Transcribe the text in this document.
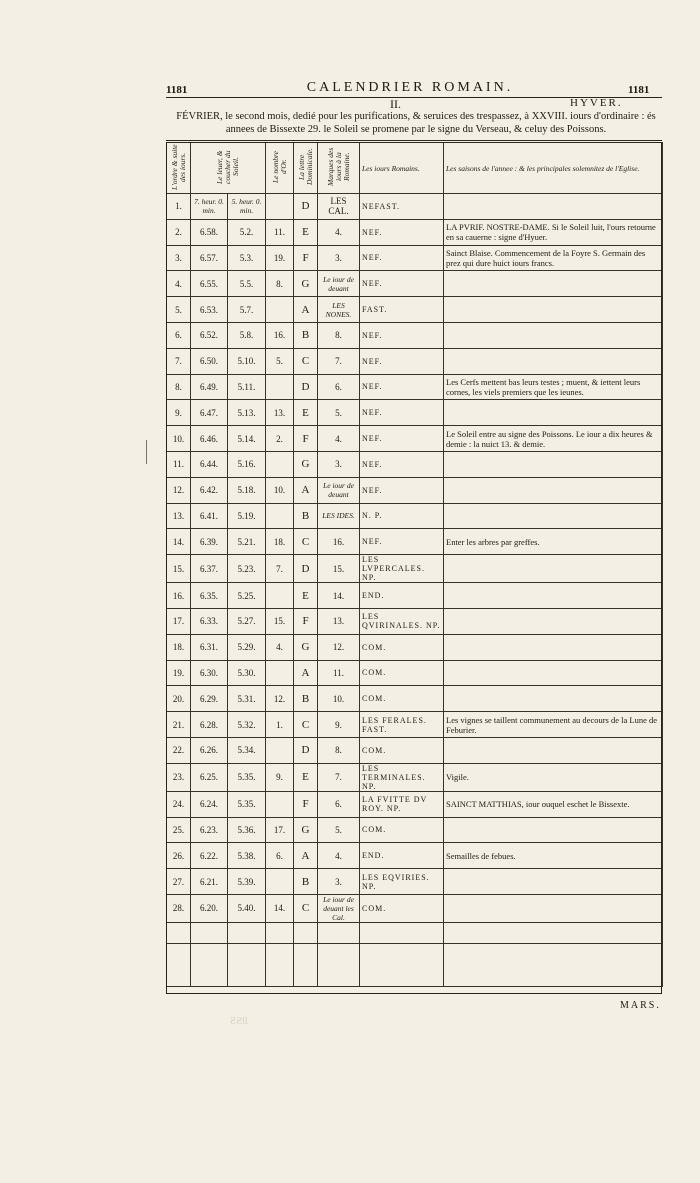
1181	CALENDRIER ROMAIN.	1181
II.	HYVER.
FÉVRIER, le second mois, dedié pour les purifications, & seruices des trespassez, à XXVIII. iours d'ordinaire : és annees de Bissexte 29. le Soleil se promene par le signe du Verseau, & celuy des Poissons.
L'ordre & suite des iours.	Le leuer, & coucher du Soleil.		Le nombre d'Or.	La lettre Dominicale.	Marques des iours à la Romaine.	Les iours Romains.	Les saisons de l'annee : & les principales solemnitez de l'Eglise.
1.	7. heur. 0. min.	5. heur. 0. min.		D	LES CAL.	NEFAST.	
2.	6.58.	5.2.	11.	E	4.	NEF.	LA PVRIF. NOSTRE-DAME. Si le Soleil luit, l'ours retourne en sa cauerne : signe d'Hyuer.
3.	6.57.	5.3.	19.	F	3.	NEF.	Sainct Blaise. Commencement de la Foyre S. Germain des prez qui dure huict iours francs.
4.	6.55.	5.5.	8.	G	Le iour de deuant	NEF.	
5.	6.53.	5.7.		A	LES NONES.	FAST.	
6.	6.52.	5.8.	16.	B	8.	NEF.	
7.	6.50.	5.10.	5.	C	7.	NEF.	
8.	6.49.	5.11.		D	6.	NEF.	Les Cerfs mettent bas leurs testes ; muent, & iettent leurs cornes, les viels premiers que les ieunes.
9.	6.47.	5.13.	13.	E	5.	NEF.	
10.	6.46.	5.14.	2.	F	4.	NEF.	Le Soleil entre au signe des Poissons. Le iour a dix heures & demie : la nuict 13. & demie.
11.	6.44.	5.16.		G	3.	NEF.	
12.	6.42.	5.18.	10.	A	Le iour de deuant	NEF.	
13.	6.41.	5.19.		B	LES IDES.	N. P.	
14.	6.39.	5.21.	18.	C	16.	NEF.	Enter les arbres par greffes.
15.	6.37.	5.23.	7.	D	15.	LES LVPERCALES. NP.	
16.	6.35.	5.25.		E	14.	END.	
17.	6.33.	5.27.	15.	F	13.	LES QVIRINALES. NP.	
18.	6.31.	5.29.	4.	G	12.	COM.	
19.	6.30.	5.30.		A	11.	COM.	
20.	6.29.	5.31.	12.	B	10.	COM.	
21.	6.28.	5.32.	1.	C	9.	LES FERALES. FAST.	Les vignes se taillent communement au decours de la Lune de Feburier.
22.	6.26.	5.34.		D	8.	COM.	
23.	6.25.	5.35.	9.	E	7.	LES TERMINALES. NP.	Vigile.
24.	6.24.	5.35.		F	6.	LA FVITTE DV ROY. NP.	SAINCT MATTHIAS, iour ouquel eschet le Bissexte.
25.	6.23.	5.36.	17.	G	5.	COM.	
26.	6.22.	5.38.	6.	A	4.	END.	Semailles de febues.
27.	6.21.	5.39.		B	3.	LES EQVIRIES. NP.	
28.	6.20.	5.40.	14.	C	Le iour de deuant les Cal.	COM.	

MARS.
ƧƧƖƖ
